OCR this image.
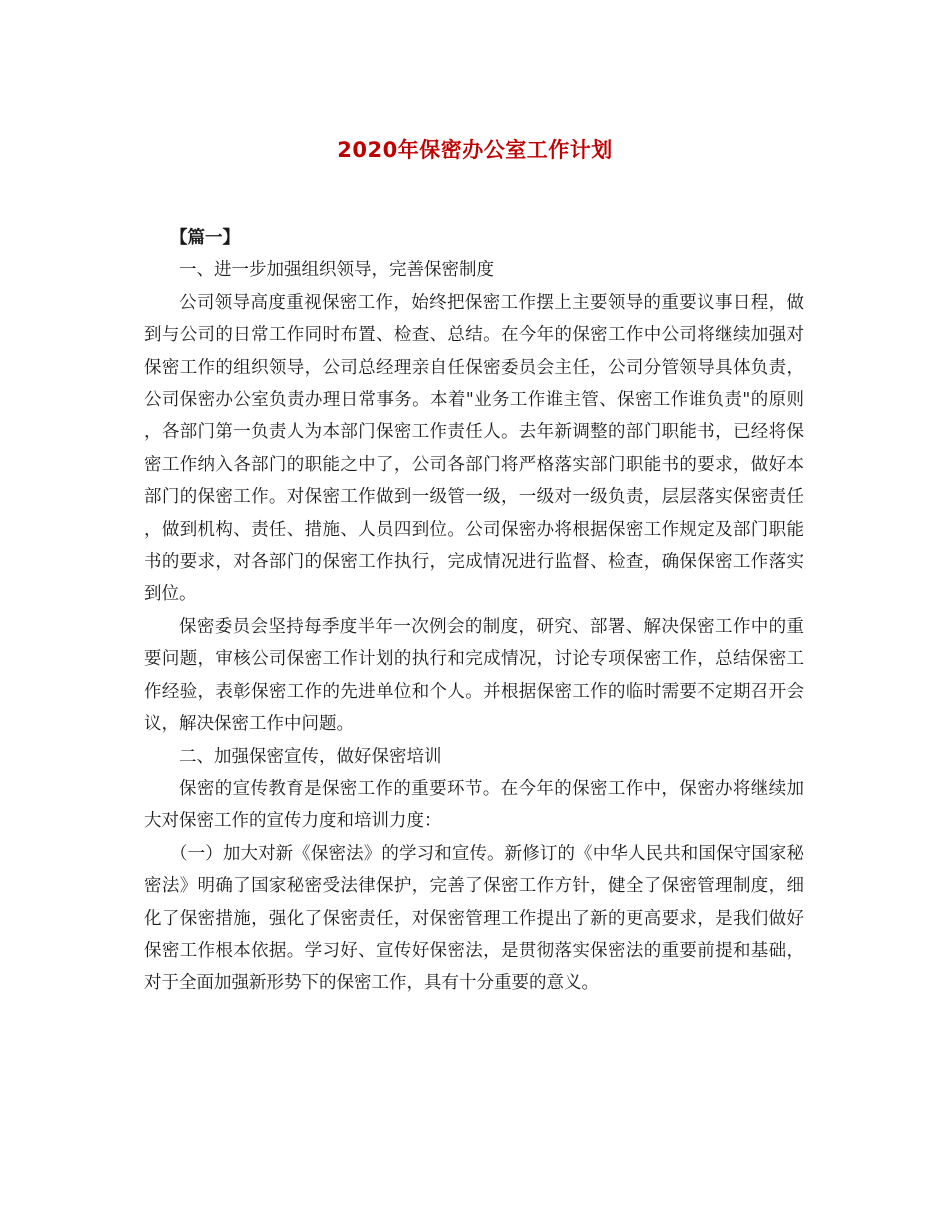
2020年保密办公室工作计划

【篇一】

一、进一步加强组织领导，完善保密制度

公司领导高度重视保密工作，始终把保密工作摆上主要领导的重要议事日程，做到与公司的日常工作同时布置、检查、总结。在今年的保密工作中公司将继续加强对保密工作的组织领导，公司总经理亲自任保密委员会主任，公司分管领导具体负责，公司保密办公室负责办理日常事务。本着"业务工作谁主管、保密工作谁负责"的原则，各部门第一负责人为本部门保密工作责任人。去年新调整的部门职能书，已经将保密工作纳入各部门的职能之中了，公司各部门将严格落实部门职能书的要求，做好本部门的保密工作。对保密工作做到一级管一级，一级对一级负责，层层落实保密责任，做到机构、责任、措施、人员四到位。公司保密办将根据保密工作规定及部门职能书的要求，对各部门的保密工作执行，完成情况进行监督、检查，确保保密工作落实到位。

保密委员会坚持每季度半年一次例会的制度，研究、部署、解决保密工作中的重要问题，审核公司保密工作计划的执行和完成情况，讨论专项保密工作，总结保密工作经验，表彰保密工作的先进单位和个人。并根据保密工作的临时需要不定期召开会议，解决保密工作中问题。

二、加强保密宣传，做好保密培训

保密的宣传教育是保密工作的重要环节。在今年的保密工作中，保密办将继续加大对保密工作的宣传力度和培训力度：

（一）加大对新《保密法》的学习和宣传。新修订的《中华人民共和国保守国家秘密法》明确了国家秘密受法律保护，完善了保密工作方针，健全了保密管理制度，细化了保密措施，强化了保密责任，对保密管理工作提出了新的更高要求，是我们做好保密工作根本依据。学习好、宣传好保密法，是贯彻落实保密法的重要前提和基础，对于全面加强新形势下的保密工作，具有十分重要的意义。
